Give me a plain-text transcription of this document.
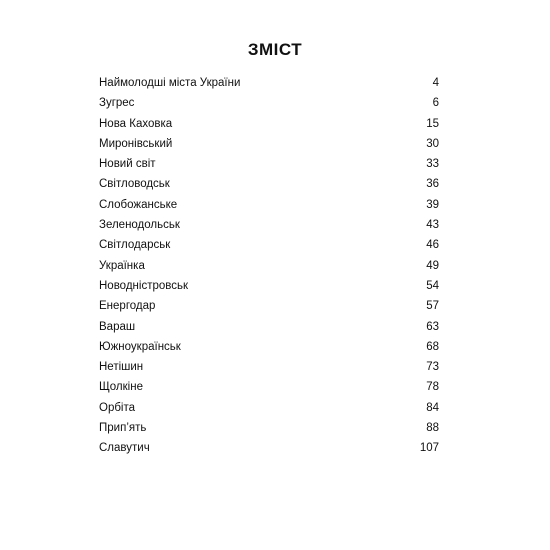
ЗМІСТ
Наймолодші міста України	4
Зугрес	6
Нова Каховка	15
Миронівський	30
Новий світ	33
Світловодськ	36
Слобожанське	39
Зеленодольськ	43
Світлодарськ	46
Українка	49
Новодністровськ	54
Енергодар	57
Вараш	63
Южноукраїнськ	68
Нетішин	73
Щолкіне	78
Орбіта	84
Прип’ять	88
Славутич	107
